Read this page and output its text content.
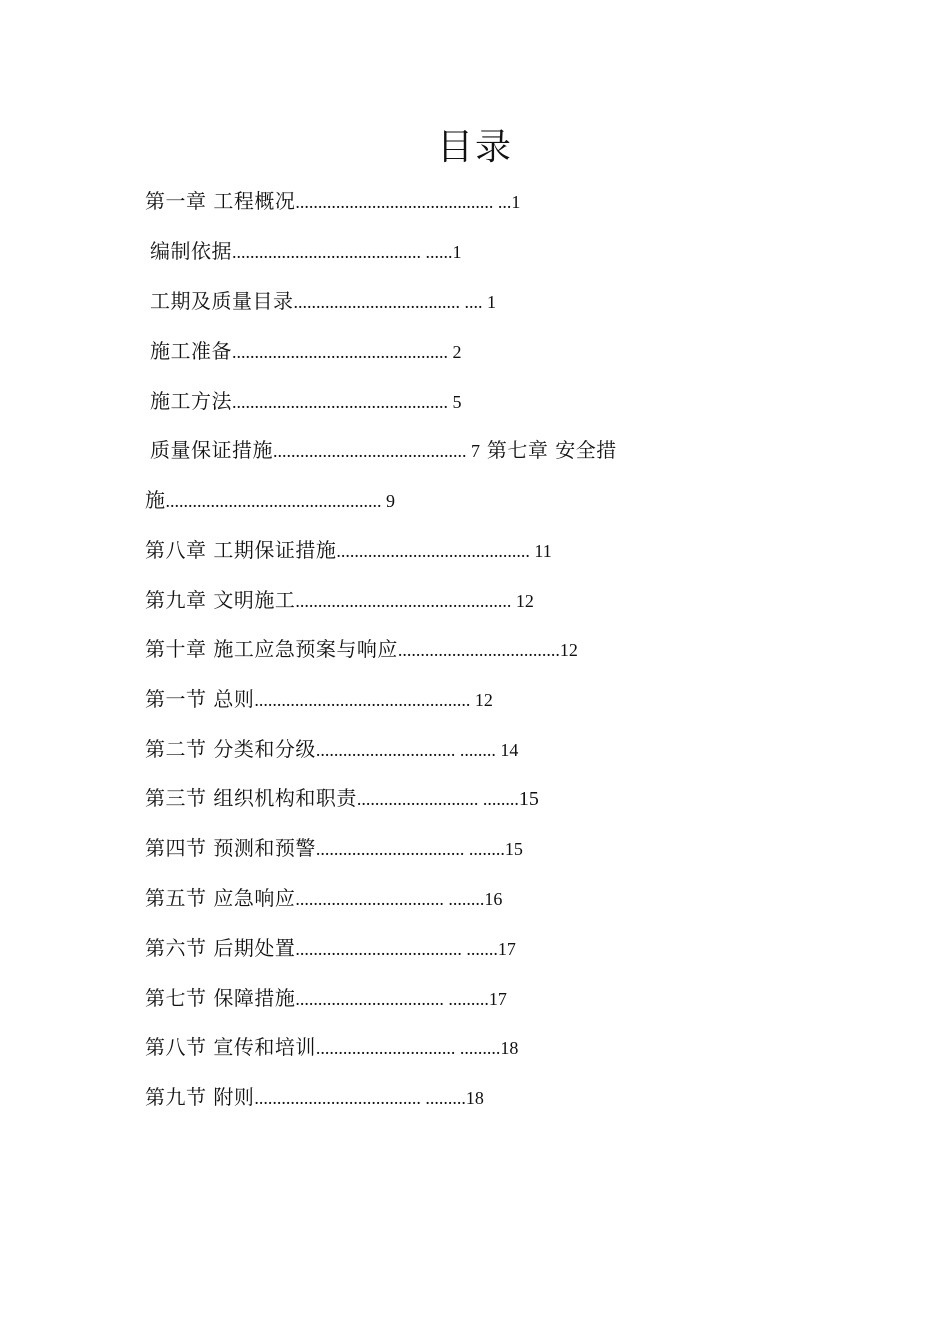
目录
第一章 工程概况............................................ ...1
编制依据.......................................... ......1
工期及质量目录..................................... .... 1
施工准备................................................ 2
施工方法................................................ 5
质量保证措施........................................... 7 第七章 安全措
施................................................ 9
第八章 工期保证措施........................................... 11
第九章 文明施工................................................ 12
第十章 施工应急预案与响应....................................12
第一节 总则................................................ 12
第二节 分类和分级............................... ........ 14
第三节 组织机构和职责........................... ........15
第四节 预测和预警................................. ........15
第五节 应急响应................................. ........16
第六节 后期处置..................................... .......17
第七节 保障措施................................. .........17
第八节 宣传和培训............................... .........18
第九节 附则..................................... .........18
